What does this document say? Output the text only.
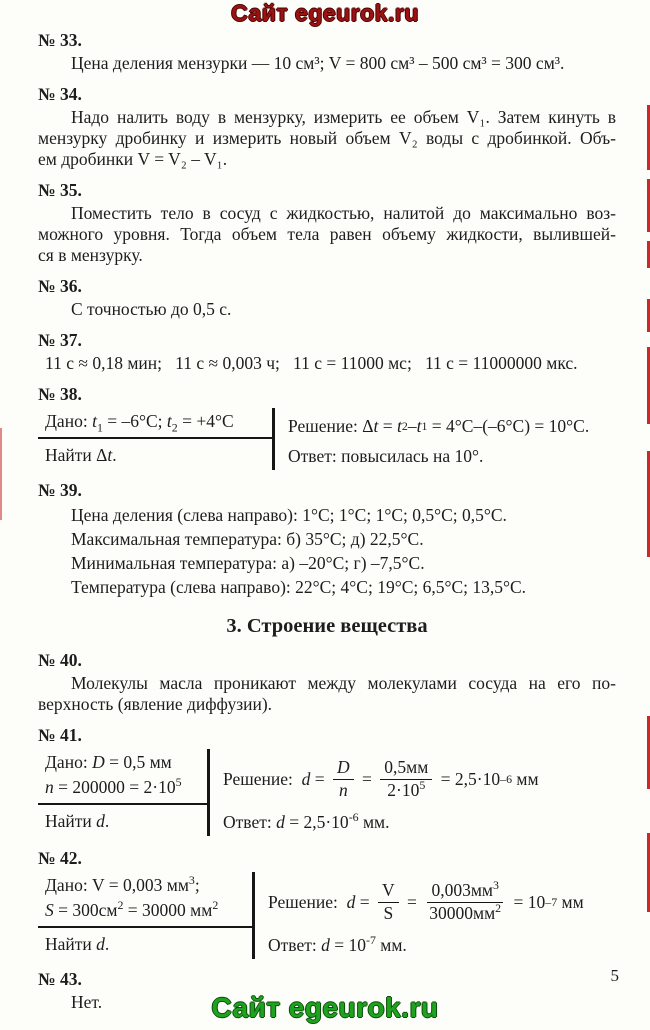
Сайт egeurok.ru
№ 33.
Цена деления мензурки — 10 см³; V = 800 см³ – 500 см³ = 300 см³.
№ 34.
Надо налить воду в мензурку, измерить ее объем V₁. Затем кинуть в
мензурку дробинку и измерить новый объем V₂ воды с дробинкой. Объ-
ем дробинки V = V₂ – V₁.
№ 35.
Поместить тело в сосуд с жидкостью, налитой до максимально воз-
можного уровня. Тогда объем тела равен объему жидкости, вылившей-
ся в мензурку.
№ 36.
С точностью до 0,5 с.
№ 37.
11 с ≈ 0,18 мин;   11 с ≈ 0,003 ч;   11 с = 11000 мс;   11 с = 11000000 мкс.
№ 38.
Дано: $t_1 = -6^\circ C$; $t_2 = +4^\circ C$
Найти Δt.
Решение: Δ t = t 2 – t 1 = 4°C–(–6°C) = 10°C.
Ответ: повысилась на 10°.
№ 39.
Цена деления (слева направо): 1°C; 1°C; 1°C; 0,5°C; 0,5°C.
Максимальная температура: б) 35°C; д) 22,5°C.
Минимальная температура: а) –20°C; г) –7,5°C.
Температура (слева направо): 22°C; 4°C; 19°C; 6,5°C; 13,5°C.
3. Строение вещества
№ 40.
Молекулы масла проникают между молекулами сосуда на его по-
верхность (явление диффузии).
№ 41.
Дано: D = 0,5 мм
$n = 200000 = 2\cdot 10^5$
Найти d.
Решение: $d = \frac{D}{n} = \frac{0,5мм}{2\cdot 10^5} = 2,5\cdot 10$ –6 мм
Ответ: $d = 2,5\cdot 10^{-6}$ мм.
№ 42.
Дано: V = 0,003 $мм^3$;
$S = 300см^2 = 30000$ $мм^2$
Найти d.
Решение: $d = \frac{V}{S} = \frac{0,003мм^3}{30000мм^2} = 10$ –7 мм
Ответ: $d = 10^{-7}$ мм.
№ 43.
Нет.
5
Сайт egeurok.ru
